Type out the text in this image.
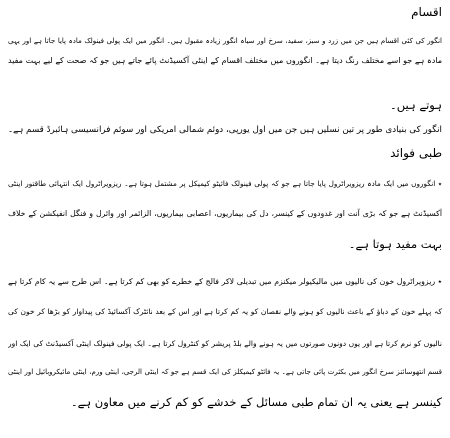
اقسام
انگور کی کئی اقسام ہیں جن میں زرد و سبز، سفید، سرخ اور سیاہ انگور زیادہ مقبول ہیں۔ انگور میں ایک پولی فینولک مادہ پایا جاتا ہے اور یہی
مادہ ہے جو اسے مختلف رنگ دیتا ہے۔ انگوروں میں مختلف اقسام کے اینٹی آکسیڈنٹ پائے جاتے ہیں جو کہ صحت کے لیے بہت مفید
ہوتے ہیں۔
انگور کی بنیادی طور پر تین نسلیں ہیں جن میں اول یورپی، دوئم شمالی امریکی اور سوئم فرانسیسی ہائبرڈ قسم ہے۔
طبی فوائد
٭ انگوروں میں ایک مادہ ریزویراٹرول پایا جاتا ہے جو کہ پولی فینولک فائیٹو کیمیکل پر مشتمل ہوتا ہے۔ ریزویراٹرول ایک انتہائی طاقتور اینٹی
آکسیڈنٹ ہے جو کہ بڑی آنت اور غدودوں کے کینسر، دل کی بیماریوں، اعصابی بیماریوں، الزائمر اور وائرل و فنگل انفیکشن کے خلاف
بہت مفید ہوتا ہے۔
٭ ریزویراٹرول خون کی نالیوں میں مالیکیولر میکنزم میں تبدیلی لاکر فالج کے خطرے کو بھی کم کرتا ہے۔ اس طرح سے یہ کام کرتا ہے
کہ پہلے خون کے دباؤ کے باعث نالیوں کو ہونے والے نقصان کو یہ کم کرتا ہے اور اس کے بعد نائٹرک آکسائیڈ کی پیداوار کو بڑھا کر خون کی
نالیوں کو نرم کرتا ہے اور یوں دونوں صورتوں میں یہ ہونے والے بلڈ پریشر کو کنٹرول کرتا ہے۔ ایک پولی فینولک اینٹی آکسیڈنٹ کی ایک اور
قسم انتھوسائنز سرخ انگور میں بکثرت پائی جاتی ہے۔ یہ فائٹو کیمیکلز کی ایک قسم ہے جو کہ اینٹی الرجی، اینٹی ورم، اینٹی مائیکروبائیل اور اینٹی
کینسر ہے یعنی یہ ان تمام طبی مسائل کے خدشے کو کم کرنے میں معاون ہے۔
